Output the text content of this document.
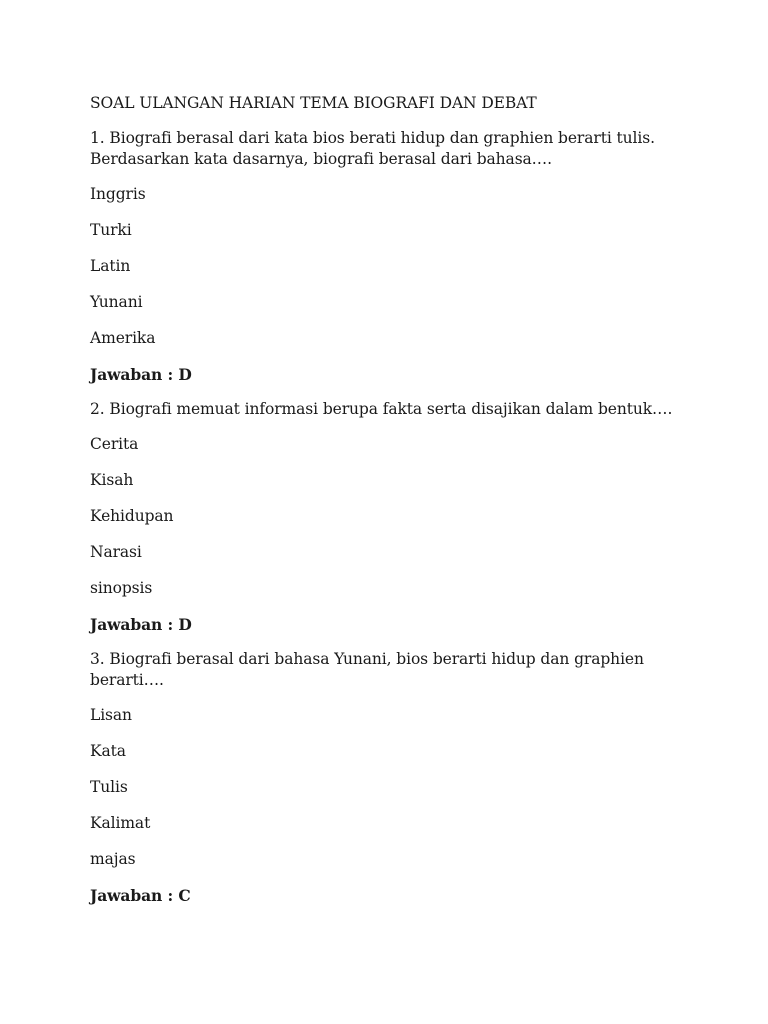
SOAL ULANGAN HARIAN TEMA BIOGRAFI DAN DEBAT
1. Biografi berasal dari kata bios berati hidup dan graphien berarti tulis. Berdasarkan kata dasarnya, biografi berasal dari bahasa….
Inggris
Turki
Latin
Yunani
Amerika
Jawaban : D
2. Biografi memuat informasi berupa fakta serta disajikan dalam bentuk….
Cerita
Kisah
Kehidupan
Narasi
sinopsis
Jawaban : D
3. Biografi berasal dari bahasa Yunani, bios berarti hidup dan graphien berarti….
Lisan
Kata
Tulis
Kalimat
majas
Jawaban : C
